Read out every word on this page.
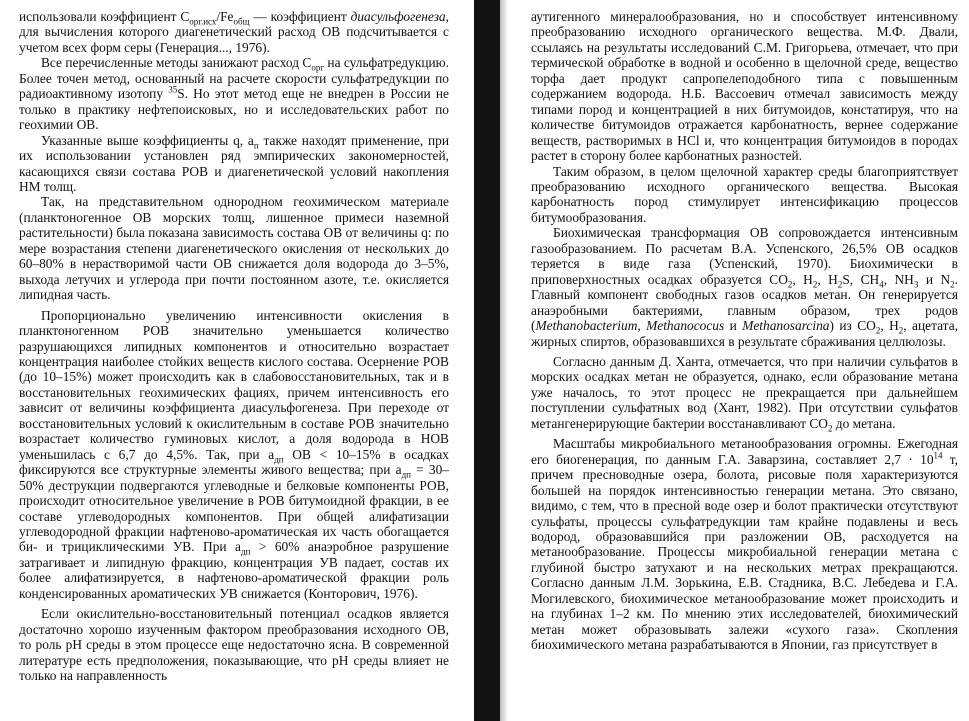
использовали коэффициент $С_{орг.исх}/Fe_{общ}$ — коэффициент диасульфогенеза, для вычисления которого диагенетический расход ОВ подсчитывается с учетом всех форм серы (Генерация..., 1976).

Все перечисленные методы занижают расход $С_{орг}$ на сульфатредукцию. Более точен метод, основанный на расчете скорости сульфатредукции по радиоактивному изотопу $^{35}$S. Но этот метод еще не внедрен в России не только в практику нефтепоисковых, но и исследовательских работ по геохимии ОВ.

Указанные выше коэффициенты q, $а_п$ также находят применение, при их использовании установлен ряд эмпирических закономерностей, касающихся связи состава РОВ и диагенетической условий накопления НМ толщ.

Так, на представительном однородном геохимическом материале (планктоногенное ОВ морских толщ, лишенное примеси наземной растительности) была показана зависимость состава ОВ от величины q: по мере возрастания степени диагенетического окисления от нескольких до 60–80% в нерастворимой части ОВ снижается доля водорода до 3–5%, выхода летучих и углерода при почти постоянном азоте, т.е. окисляется липидная часть.

Пропорционально увеличению интенсивности окисления в планктоногенном РОВ значительно уменьшается количество разрушающихся липидных компонентов и относительно возрастает концентрация наиболее стойких веществ кислого состава. Осернение РОВ (до 10–15%) может происходить как в слабовосстановительных, так и в восстановительных геохимических фациях, причем интенсивность его зависит от величины коэффициента диасульфогенеза. При переходе от восстановительных условий к окислительным в составе РОВ значительно возрастает количество гуминовых кислот, а доля водорода в НОВ уменьшилась с 6,7 до 4,5%. Так, при $а_{дп}$ ОВ < 10–15% в осадках фиксируются все структурные элементы живого вещества; при $а_{дп} = 30-50\%$ деструкции подвергаются углеводные и белковые компоненты РОВ, происходит относительное увеличение в РОВ битумоидной фракции, в ее составе углеводородных компонентов. При общей алифатизации углеводородной фракции нафтеново-ароматическая их часть обогащается би- и трициклическими УВ. При $а_{дп} > 60\%$ анаэробное разрушение затрагивает и липидную фракцию, концентрация УВ падает, состав их более алифатизируется, в нафтеново-ароматической фракции роль конденсированных ароматических УВ снижается (Конторович, 1976).

Если окислительно-восстановительный потенциал осадков является достаточно хорошо изученным фактором преобразования исходного ОВ, то роль pH среды в этом процессе еще недостаточно ясна. В современной литературе есть предположения, показывающие, что pH среды влияет не только на направленность

аутигенного минералообразования, но и способствует интенсивному преобразованию исходного органического вещества. М.Ф. Двали, ссылаясь на результаты исследований С.М. Григорьева, отмечает, что при термической обработке в водной и особенно в щелочной среде, вещество торфа дает продукт сапропелеподобного типа с повышенным содержанием водорода. Н.Б. Вассоевич отмечал зависимость между типами пород и концентрацией в них битумоидов, констатируя, что на количестве битумоидов отражается карбонатность, вернее содержание веществ, растворимых в HCl и, что концентрация битумоидов в породах растет в сторону более карбонатных разностей.

Таким образом, в целом щелочной характер среды благоприятствует преобразованию исходного органического вещества. Высокая карбонатность пород стимулирует интенсификацию процессов битумообразования.

Биохимическая трансформация ОВ сопровождается интенсивным газообразованием. По расчетам В.А. Успенского, 26,5% ОВ осадков теряется в виде газа (Успенский, 1970). Биохимически в приповерхностных осадках образуется $СО_2$, $Н_2$, $Н_2S$, $СН_4$, $NH_3$ и $N_2$. Главный компонент свободных газов осадков метан. Он генерируется анаэробными бактериями, главным образом, трех родов (Methanobacterium, Methanococus и Methanosarcina) из $СО_2$, $Н_2$, ацетата, жирных спиртов, образовавшихся в результате сбраживания целлюлозы.

Согласно данным Д. Ханта, отмечается, что при наличии сульфатов в морских осадках метан не образуется, однако, если образование метана уже началось, то этот процесс не прекращается при дальнейшем поступлении сульфатных вод (Хант, 1982). При отсутствии сульфатов метангенерирующие бактерии восстанавливают $СО_2$ до метана.

Масштабы микробиального метанообразования огромны. Ежегодная его биогенерация, по данным Г.А. Заварзина, составляет $2,7 \cdot 10^{14}$ т, причем пресноводные озера, болота, рисовые поля характеризуются большей на порядок интенсивностью генерации метана. Это связано, видимо, с тем, что в пресной воде озер и болот практически отсутствуют сульфаты, процессы сульфатредукции там крайне подавлены и весь водород, образовавшийся при разложении ОВ, расходуется на метанообразование. Процессы микробиальной генерации метана с глубиной быстро затухают и на нескольких метрах прекращаются. Согласно данным Л.М. Зорькина, Е.В. Стадника, В.С. Лебедева и Г.А. Могилевского, биохимическое метанообразование может происходить и на глубинах 1–2 км. По мнению этих исследователей, биохимический метан может образовывать залежи «сухого газа». Скопления биохимического метана разрабатываются в Японии, газ присутствует в
